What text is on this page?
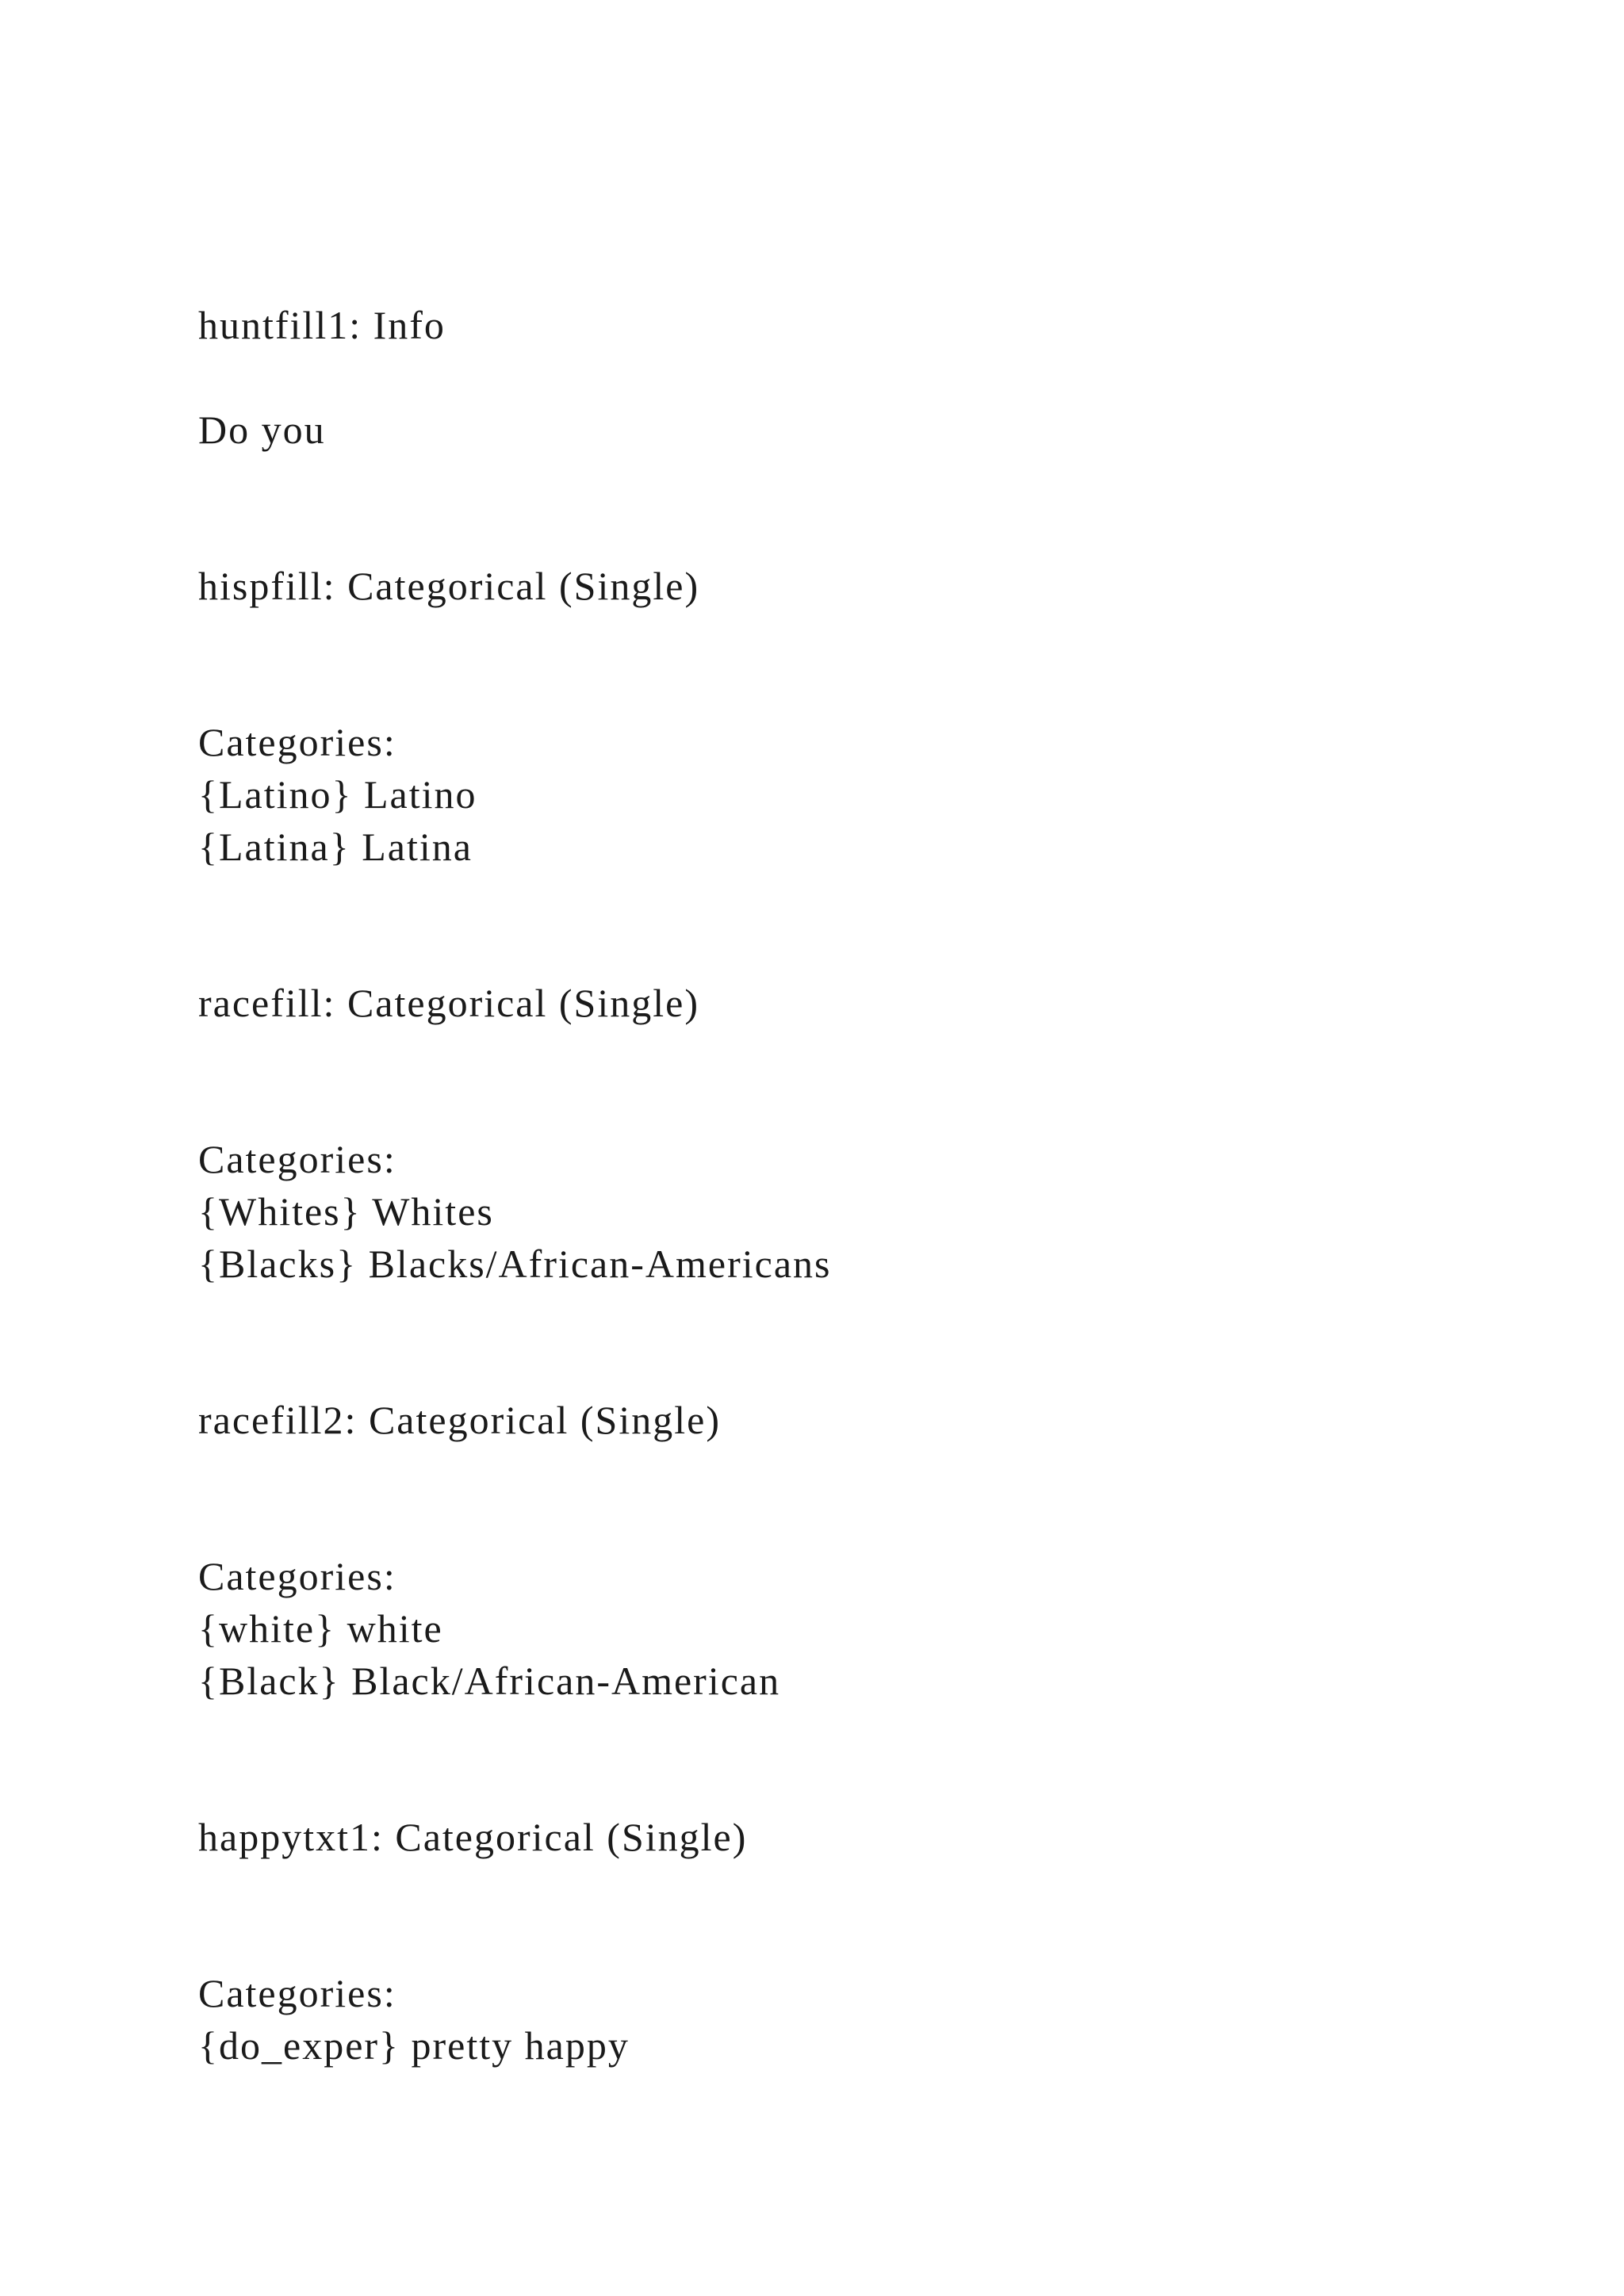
huntfill1: Info
Do you
hispfill: Categorical (Single)
Categories:
{Latino} Latino
{Latina} Latina
racefill: Categorical (Single)
Categories:
{Whites} Whites
{Blacks} Blacks/African-Americans
racefill2: Categorical (Single)
Categories:
{white} white
{Black} Black/African-American
happytxt1: Categorical (Single)
Categories:
{do_exper} pretty happy
